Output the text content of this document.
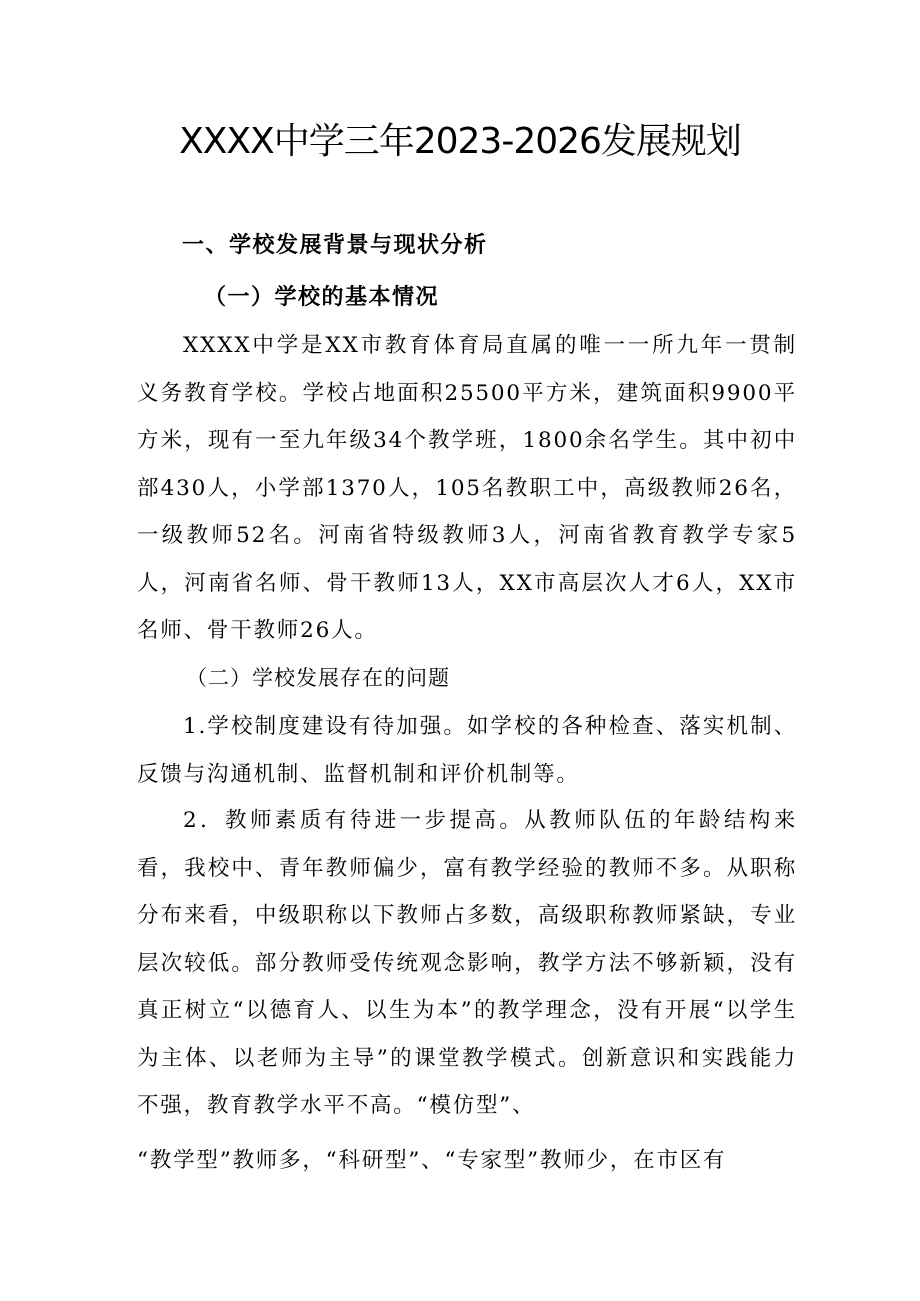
XXXX中学三年2023-2026发展规划
一、学校发展背景与现状分析
（一）学校的基本情况
XXXX中学是XX市教育体育局直属的唯一一所九年一贯制义务教育学校。学校占地面积25500平方米，建筑面积9900平方米，现有一至九年级34个教学班，1800余名学生。其中初中部430人，小学部1370人，105名教职工中，高级教师26名，一级教师52名。河南省特级教师3人，河南省教育教学专家5人，河南省名师、骨干教师13人，XX市高层次人才6人，XX市名师、骨干教师26人。
（二）学校发展存在的问题
1.学校制度建设有待加强。如学校的各种检查、落实机制、反馈与沟通机制、监督机制和评价机制等。
2．教师素质有待进一步提高。从教师队伍的年龄结构来看，我校中、青年教师偏少，富有教学经验的教师不多。从职称分布来看，中级职称以下教师占多数，高级职称教师紧缺，专业层次较低。部分教师受传统观念影响，教学方法不够新颖，没有真正树立“以德育人、以生为本”的教学理念，没有开展“以学生为主体、以老师为主导”的课堂教学模式。创新意识和实践能力不强，教育教学水平不高。“模仿型”、
“教学型”教师多，“科研型”、“专家型”教师少，在市区有
